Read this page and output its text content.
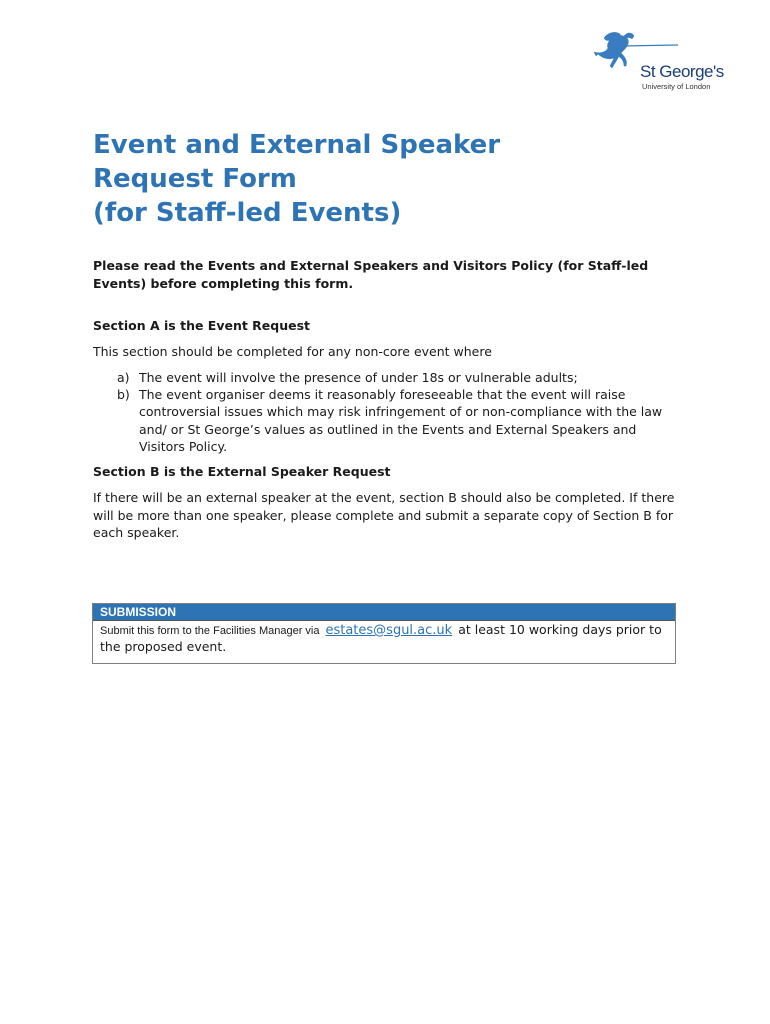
St George's
University of London
Event and External Speaker
Request Form
(for Staff-led Events)

Please read the Events and External Speakers and Visitors Policy (for Staff-led Events) before completing this form.

Section A is the Event Request

This section should be completed for any non-core event where

a) The event will involve the presence of under 18s or vulnerable adults;
b) The event organiser deems it reasonably foreseeable that the event will raise controversial issues which may risk infringement of or non-compliance with the law and/ or St George’s values as outlined in the Events and External Speakers and Visitors Policy.

Section B is the External Speaker Request

If there will be an external speaker at the event, section B should also be completed. If there will be more than one speaker, please complete and submit a separate copy of Section B for each speaker.

SUBMISSION
Submit this form to the Facilities Manager via estates@sgul.ac.uk at least 10 working days prior to the proposed event.
